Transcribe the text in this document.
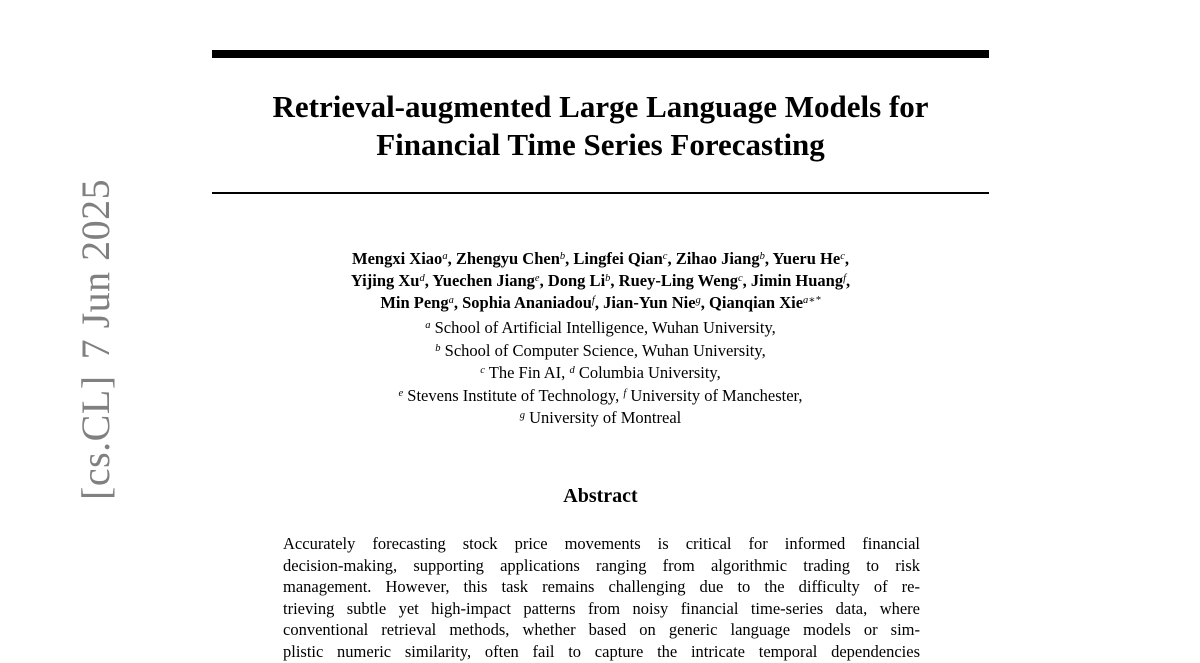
Retrieval-augmented Large Language Models for
Financial Time Series Forecasting
Mengxi Xiao$^a$, Zhengyu Chen$^b$, Lingfei Qian$^c$, Zihao Jiang$^b$, Yueru He$^c$,
Yijing Xu$^d$, Yuechen Jiang$^e$, Dong Li$^b$, Ruey-Ling Weng$^c$, Jimin Huang$^f$,
Min Peng$^a$, Sophia Ananiadou$^f$, Jian-Yun Nie$^g$, Qianqian Xie$^{a∗*}$
$^a$ School of Artificial Intelligence, Wuhan University,
$^b$ School of Computer Science, Wuhan University,
$^c$ The Fin AI, $^d$ Columbia University,
$^e$ Stevens Institute of Technology, $^f$ University of Manchester,
$^g$ University of Montreal
Abstract
Accurately forecasting stock price movements is critical for informed financial
decision-making, supporting applications ranging from algorithmic trading to risk
management. However, this task remains challenging due to the difficulty of re-
trieving subtle yet high-impact patterns from noisy financial time-series data, where
conventional retrieval methods, whether based on generic language models or sim-
plistic numeric similarity, often fail to capture the intricate temporal dependencies
[cs.CL]7 Jun 2025
